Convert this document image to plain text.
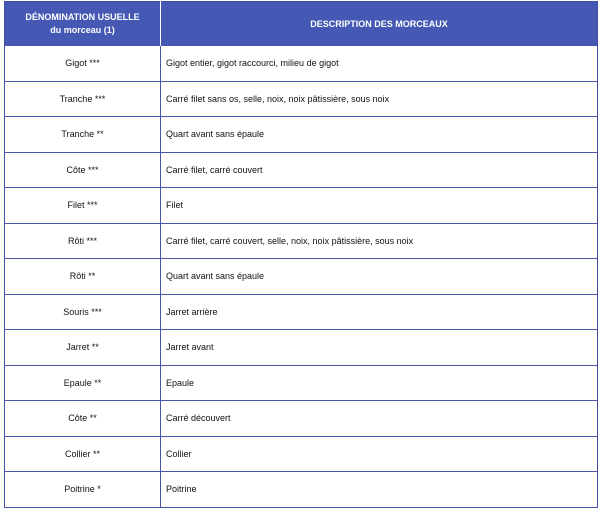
DÉNOMINATION USUELLE
du morceau (1)	DESCRIPTION DES MORCEAUX
Gigot ***	Gigot entier, gigot raccourci, milieu de gigot
Tranche ***	Carré filet sans os, selle, noix, noix pâtissière, sous noix
Tranche **	Quart avant sans épaule
Côte ***	Carré filet, carré couvert
Filet ***	Filet
Rôti ***	Carré filet, carré couvert, selle, noix, noix pâtissière, sous noix
Rôti **	Quart avant sans épaule
Souris ***	Jarret arrière
Jarret **	Jarret avant
Epaule **	Epaule
Côte **	Carré découvert
Collier **	Collier
Poitrine *	Poitrine
